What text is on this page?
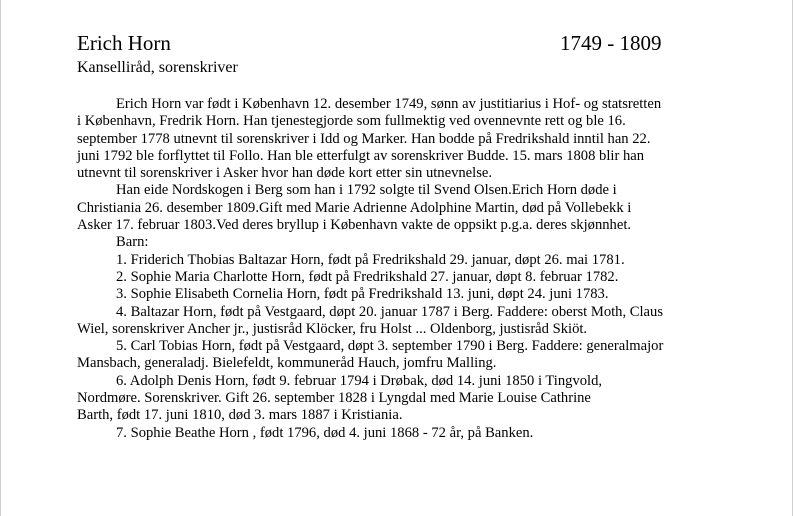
Erich Horn	1749 - 1809
Kanselliråd, sorenskriver

Erich Horn var født i København 12. desember 1749, sønn av justitiarius i Hof- og statsretten

i København, Fredrik Horn. Han tjenestegjorde som fullmektig ved ovennevnte rett og ble 16.

september 1778 utnevnt til sorenskriver i Idd og Marker. Han bodde på Fredrikshald inntil han 22.

juni 1792 ble forflyttet til Follo. Han ble etterfulgt av sorenskriver Budde. 15. mars 1808 blir han

utnevnt til sorenskriver i Asker hvor han døde kort etter sin utnevnelse.

Han eide Nordskogen i Berg som han i 1792 solgte til Svend Olsen.Erich Horn døde i

Christiania 26. desember 1809.Gift med Marie Adrienne Adolphine Martin, død på Vollebekk i

Asker 17. februar 1803.Ved deres bryllup i København vakte de oppsikt p.g.a. deres skjønnhet.

Barn:

1. Friderich Thobias Baltazar Horn, født på Fredrikshald 29. januar, døpt 26. mai 1781.

2. Sophie Maria Charlotte Horn, født på Fredrikshald 27. januar, døpt 8. februar 1782.

3. Sophie Elisabeth Cornelia Horn, født på Fredrikshald 13. juni, døpt 24. juni 1783.

4. Baltazar Horn, født på Vestgaard, døpt 20. januar 1787 i Berg. Faddere: oberst Moth, Claus

Wiel, sorenskriver Ancher jr., justisråd Klöcker, fru Holst ... Oldenborg, justisråd Skiöt.

5. Carl Tobias Horn, født på Vestgaard, døpt 3. september 1790 i Berg. Faddere: generalmajor

Mansbach, generaladj. Bielefeldt, kommuneråd Hauch, jomfru Malling.

6. Adolph Denis Horn, født 9. februar 1794 i Drøbak, død 14. juni 1850 i Tingvold,

Nordmøre. Sorenskriver. Gift 26. september 1828 i Lyngdal med Marie Louise Cathrine

Barth, født 17. juni 1810, død 3. mars 1887 i Kristiania.

7. Sophie Beathe Horn , født 1796, død 4. juni 1868 - 72 år, på Banken.
